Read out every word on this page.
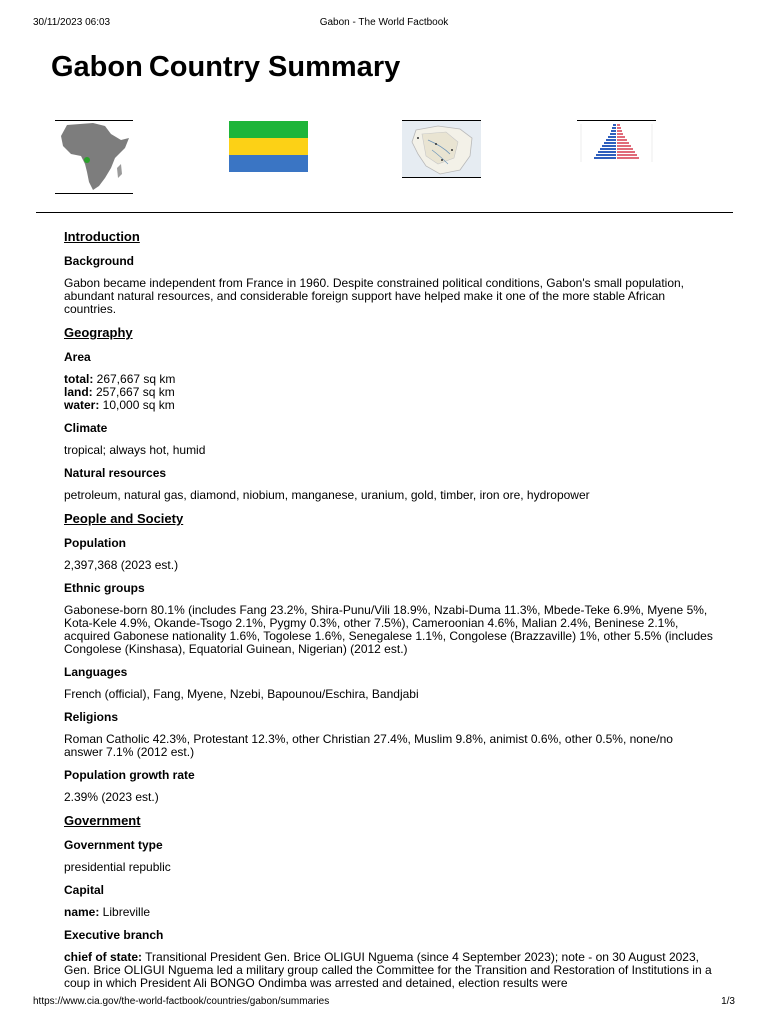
30/11/2023 06:03	Gabon - The World Factbook
Gabon Country Summary
Introduction
Background
Gabon became independent from France in 1960. Despite constrained political conditions, Gabon's small population, abundant natural resources, and considerable foreign support have helped make it one of the more stable African countries.
Geography
Area
total: 267,667 sq km
land: 257,667 sq km
water: 10,000 sq km
Climate
tropical; always hot, humid
Natural resources
petroleum, natural gas, diamond, niobium, manganese, uranium, gold, timber, iron ore, hydropower
People and Society
Population
2,397,368 (2023 est.)
Ethnic groups
Gabonese-born 80.1% (includes Fang 23.2%, Shira-Punu/Vili 18.9%, Nzabi-Duma 11.3%, Mbede-Teke 6.9%, Myene 5%, Kota-Kele 4.9%, Okande-Tsogo 2.1%, Pygmy 0.3%, other 7.5%), Cameroonian 4.6%, Malian 2.4%, Beninese 2.1%, acquired Gabonese nationality 1.6%, Togolese 1.6%, Senegalese 1.1%, Congolese (Brazzaville) 1%, other 5.5% (includes Congolese (Kinshasa), Equatorial Guinean, Nigerian) (2012 est.)
Languages
French (official), Fang, Myene, Nzebi, Bapounou/Eschira, Bandjabi
Religions
Roman Catholic 42.3%, Protestant 12.3%, other Christian 27.4%, Muslim 9.8%, animist 0.6%, other 0.5%, none/no answer 7.1% (2012 est.)
Population growth rate
2.39% (2023 est.)
Government
Government type
presidential republic
Capital
name: Libreville
Executive branch
chief of state: Transitional President Gen. Brice OLIGUI Nguema (since 4 September 2023); note - on 30 August 2023, Gen. Brice OLIGUI Nguema led a military group called the Committee for the Transition and Restoration of Institutions in a coup in which President Ali BONGO Ondimba was arrested and detained, election results were
https://www.cia.gov/the-world-factbook/countries/gabon/summaries	1/3
